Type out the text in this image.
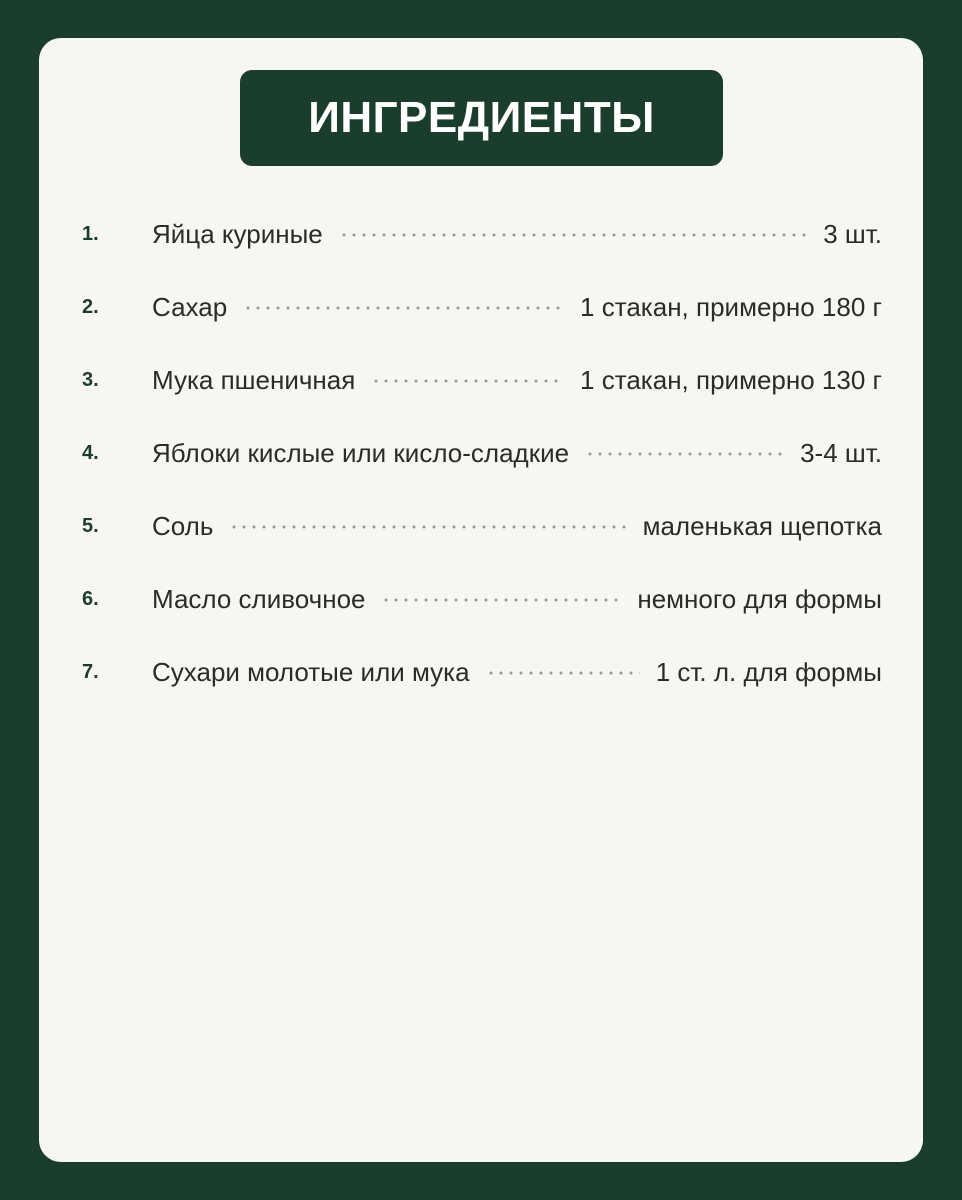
ИНГРЕДИЕНТЫ
1.	Яйца куриные	3 шт.
2.	Сахар	1 стакан, примерно 180 г
3.	Мука пшеничная	1 стакан, примерно 130 г
4.	Яблоки кислые или кисло-сладкие	3-4 шт.
5.	Соль	маленькая щепотка
6.	Масло сливочное	немного для формы
7.	Сухари молотые или мука	1 ст. л. для формы
